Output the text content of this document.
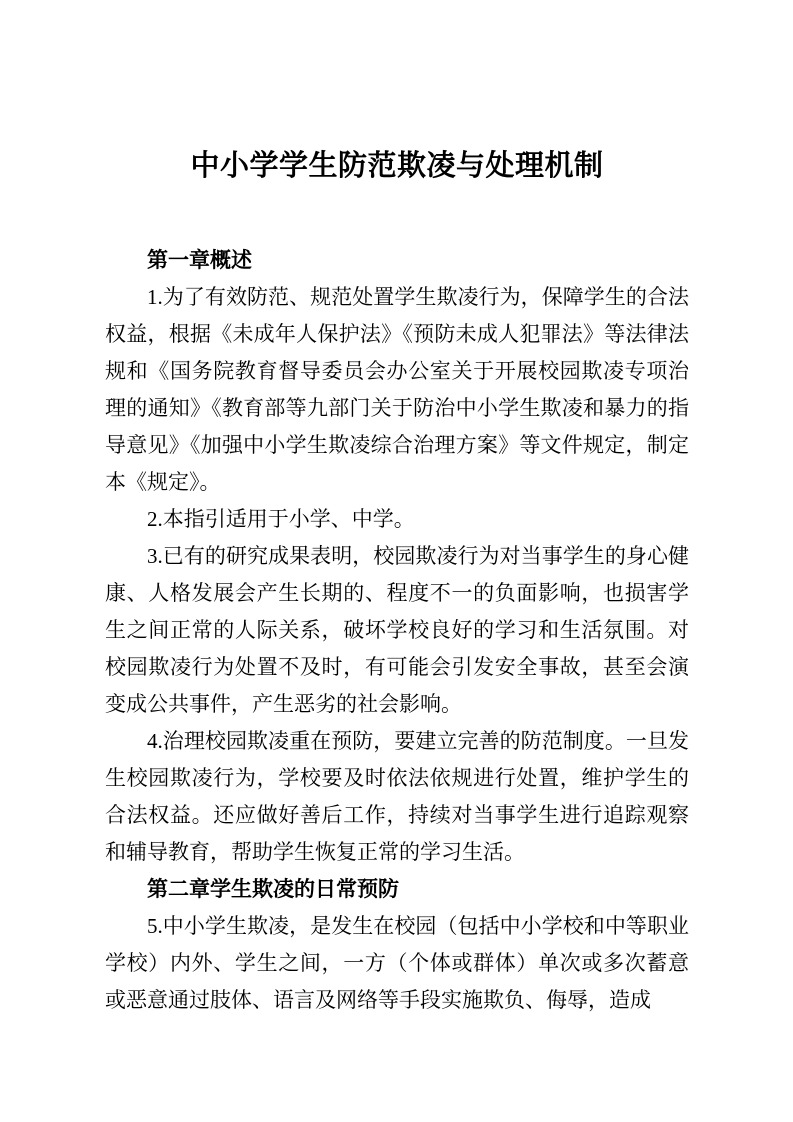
中小学学生防范欺凌与处理机制

第一章概述

1.为了有效防范、规范处置学生欺凌行为，保障学生的合法权益，根据《未成年人保护法》《预防未成人犯罪法》等法律法规和《国务院教育督导委员会办公室关于开展校园欺凌专项治理的通知》《教育部等九部门关于防治中小学生欺凌和暴力的指导意见》《加强中小学生欺凌综合治理方案》等文件规定，制定本《规定》。

2.本指引适用于小学、中学。

3.已有的研究成果表明，校园欺凌行为对当事学生的身心健康、人格发展会产生长期的、程度不一的负面影响，也损害学生之间正常的人际关系，破坏学校良好的学习和生活氛围。对校园欺凌行为处置不及时，有可能会引发安全事故，甚至会演变成公共事件，产生恶劣的社会影响。

4.治理校园欺凌重在预防，要建立完善的防范制度。一旦发生校园欺凌行为，学校要及时依法依规进行处置，维护学生的合法权益。还应做好善后工作，持续对当事学生进行追踪观察和辅导教育，帮助学生恢复正常的学习生活。

第二章学生欺凌的日常预防

5.中小学生欺凌，是发生在校园（包括中小学校和中等职业学校）内外、学生之间，一方（个体或群体）单次或多次蓄意或恶意通过肢体、语言及网络等手段实施欺负、侮辱，造成
